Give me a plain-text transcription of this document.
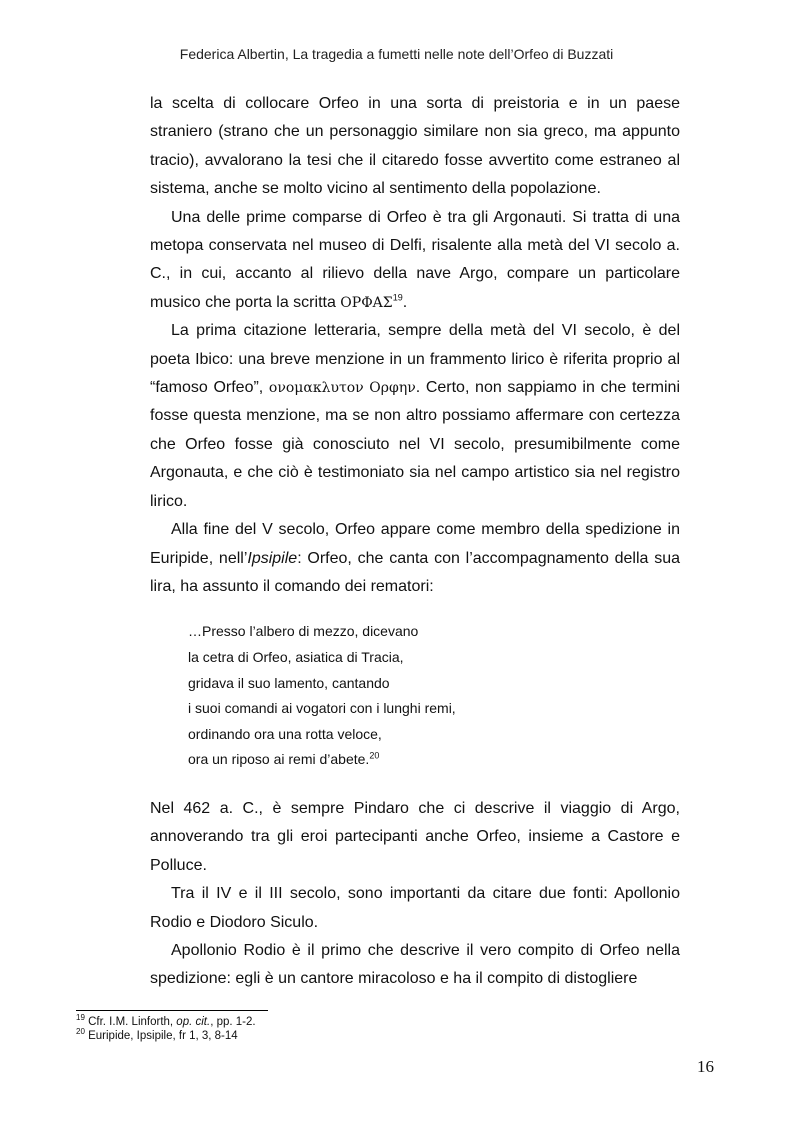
Federica Albertin, La tragedia a fumetti nelle note dell’Orfeo di Buzzati

la scelta di collocare Orfeo in una sorta di preistoria e in un paese straniero (strano che un personaggio similare non sia greco, ma appunto tracio), avvalorano la tesi che il citaredo fosse avvertito come estraneo al sistema, anche se molto vicino al sentimento della popolazione.

Una delle prime comparse di Orfeo è tra gli Argonauti. Si tratta di una metopa conservata nel museo di Delfi, risalente alla metà del VI secolo a. C., in cui, accanto al rilievo della nave Argo, compare un particolare musico che porta la scritta ΟΡΦΑΣ$^{19}$.

La prima citazione letteraria, sempre della metà del VI secolo, è del poeta Ibico: una breve menzione in un frammento lirico è riferita proprio al “famoso Orfeo”, ονομακλυτον Ορφην. Certo, non sappiamo in che termini fosse questa menzione, ma se non altro possiamo affermare con certezza che Orfeo fosse già conosciuto nel VI secolo, presumibilmente come Argonauta, e che ciò è testimoniato sia nel campo artistico sia nel registro lirico.

Alla fine del V secolo, Orfeo appare come membro della spedizione in Euripide, nell’Ipsipile: Orfeo, che canta con l’accompagnamento della sua lira, ha assunto il comando dei rematori:

…Presso l’albero di mezzo, dicevano
la cetra di Orfeo, asiatica di Tracia,
gridava il suo lamento, cantando
i suoi comandi ai vogatori con i lunghi remi,
ordinando ora una rotta veloce,
ora un riposo ai remi d’abete.$^{20}$

Nel 462 a. C., è sempre Pindaro che ci descrive il viaggio di Argo, annoverando tra gli eroi partecipanti anche Orfeo, insieme a Castore e Polluce.

Tra il IV e il III secolo, sono importanti da citare due fonti: Apollonio Rodio e Diodoro Siculo.

Apollonio Rodio è il primo che descrive il vero compito di Orfeo nella spedizione: egli è un cantore miracoloso e ha il compito di distogliere

$^{19}$ Cfr. I.M. Linforth, op. cit., pp. 1-2.
$^{20}$ Euripide, Ipsipile, fr 1, 3, 8-14
16
